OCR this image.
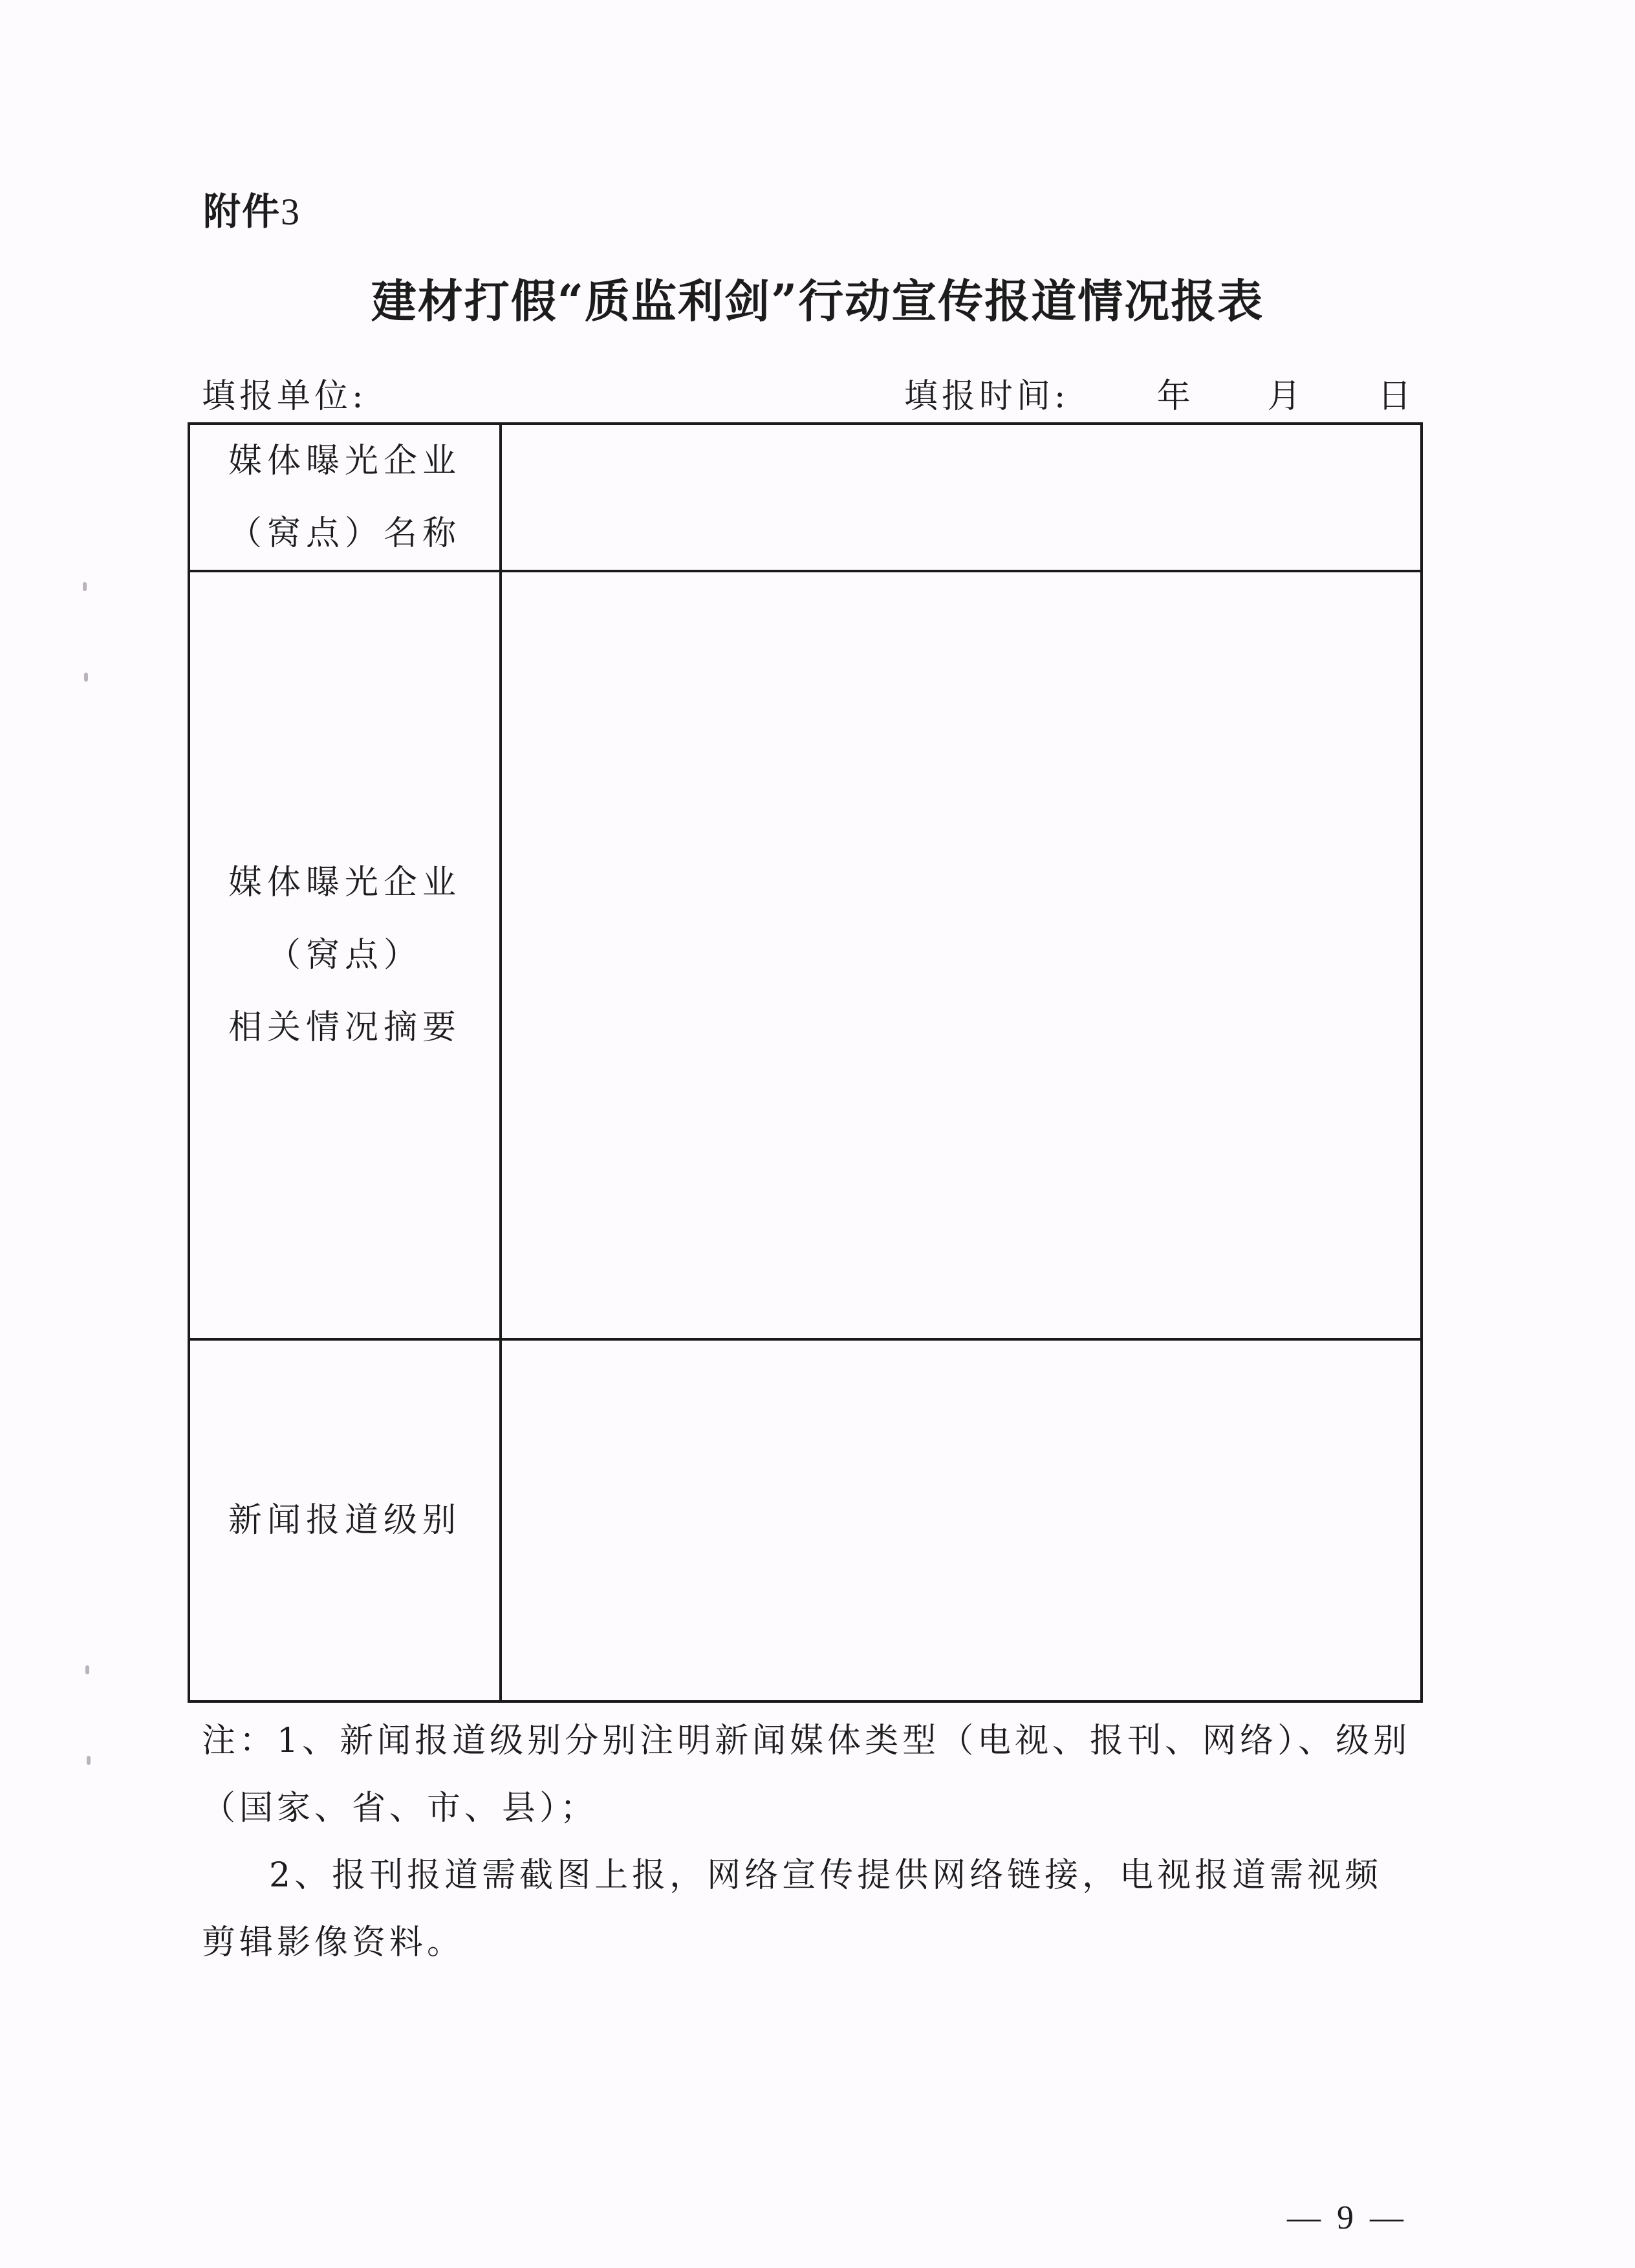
附件3
建材打假“质监利剑”行动宣传报道情况报表
填报单位:	填报时间:	年 月 日
媒体曝光企业
（窝点）名称	

媒体曝光企业
（窝点）
相关情况摘要	

新闻报道级别	

注：1、新闻报道级别分别注明新闻媒体类型（电视、报刊、网络）、级别（国家、省、市、县）；
2、报刊报道需截图上报，网络宣传提供网络链接，电视报道需视频剪辑影像资料。
— 9 —
